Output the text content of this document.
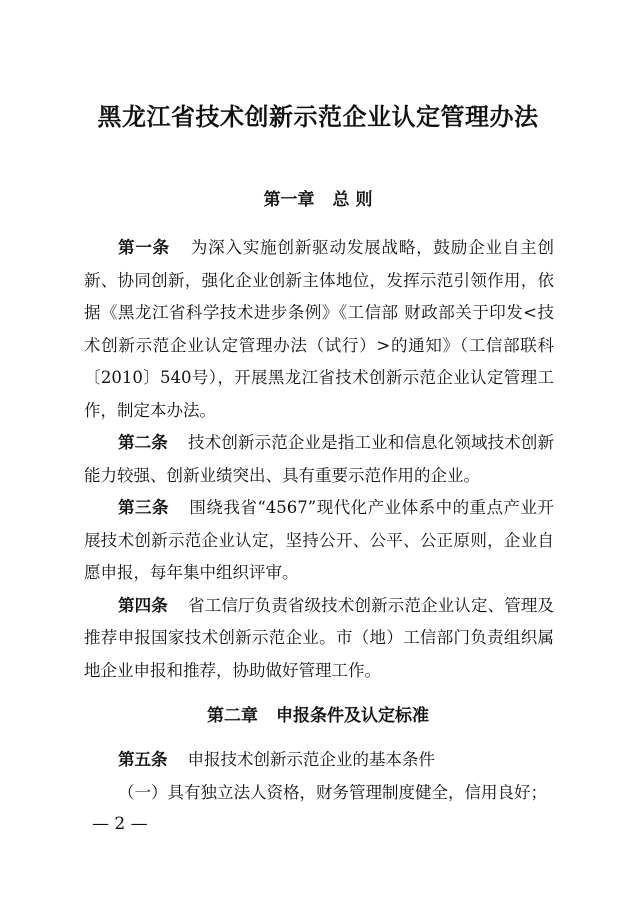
黑龙江省技术创新示范企业认定管理办法
第一章 总 则

第一条 为深入实施创新驱动发展战略，鼓励企业自主创新、协同创新，强化企业创新主体地位，发挥示范引领作用，依据《黑龙江省科学技术进步条例》《工信部 财政部关于印发<技术创新示范企业认定管理办法（试行）>的通知》（工信部联科〔2010〕540号），开展黑龙江省技术创新示范企业认定管理工作，制定本办法。

第二条 技术创新示范企业是指工业和信息化领域技术创新能力较强、创新业绩突出、具有重要示范作用的企业。

第三条 围绕我省“4567”现代化产业体系中的重点产业开展技术创新示范企业认定，坚持公开、公平、公正原则，企业自愿申报，每年集中组织评审。

第四条 省工信厅负责省级技术创新示范企业认定、管理及推荐申报国家技术创新示范企业。市（地）工信部门负责组织属地企业申报和推荐，协助做好管理工作。

第二章 申报条件及认定标准

第五条 申报技术创新示范企业的基本条件

（一）具有独立法人资格，财务管理制度健全，信用良好；

— 2 —
